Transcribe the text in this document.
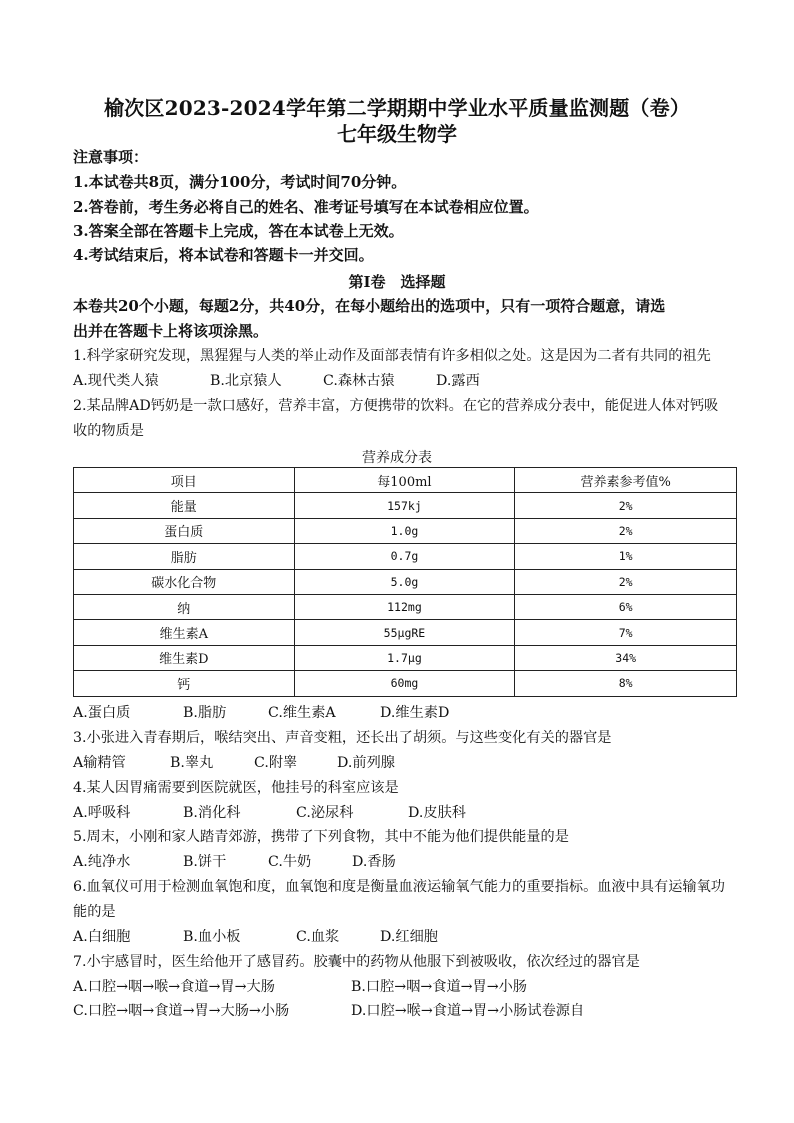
榆次区2023-2024学年第二学期期中学业水平质量监测题（卷）
七年级生物学
注意事项：
1.本试卷共8页，满分100分，考试时间70分钟。
2.答卷前，考生务必将自己的姓名、准考证号填写在本试卷相应位置。
3.答案全部在答题卡上完成，答在本试卷上无效。
4.考试结束后，将本试卷和答题卡一并交回。
第Ⅰ卷　选择题
本卷共20个小题，每题2分，共40分，在每小题给出的选项中，只有一项符合题意，请选
出并在答题卡上将该项涂黑。
1.科学家研究发现，黑猩猩与人类的举止动作及面部表情有许多相似之处。这是因为二者有共同的祖先
A.现代类人猿	B.北京猿人	C.森林古猿	D.露西
2.某品牌AD钙奶是一款口感好，营养丰富，方便携带的饮料。在它的营养成分表中，能促进人体对钙吸
收的物质是
营养成分表
项目	每100ml	营养素参考值%
能量	157kj	2%
蛋白质	1.0g	2%
脂肪	0.7g	1%
碳水化合物	5.0g	2%
纳	112mg	6%
维生素A	55μgRE	7%
维生素D	1.7μg	34%
钙	60mg	8%
A.蛋白质	B.脂肪	C.维生素A	D.维生素D
3.小张进入青春期后，喉结突出、声音变粗，还长出了胡须。与这些变化有关的器官是
A输精管	B.睾丸	C.附睾	D.前列腺
4.某人因胃痛需要到医院就医，他挂号的科室应该是
A.呼吸科	B.消化科	C.泌尿科	D.皮肤科
5.周末，小刚和家人踏青郊游，携带了下列食物，其中不能为他们提供能量的是
A.纯净水	B.饼干	C.牛奶	D.香肠
6.血氧仪可用于检测血氧饱和度，血氧饱和度是衡量血液运输氧气能力的重要指标。血液中具有运输氧功
能的是
A.白细胞	B.血小板	C.血浆	D.红细胞
7.小宇感冒时，医生给他开了感冒药。胶囊中的药物从他服下到被吸收，依次经过的器官是
A.口腔→咽→喉→食道→胃→大肠	B.口腔→咽→食道→胃→小肠
C.口腔→咽→食道→胃→大肠→小肠	D.口腔→喉→食道→胃→小肠试卷源自
